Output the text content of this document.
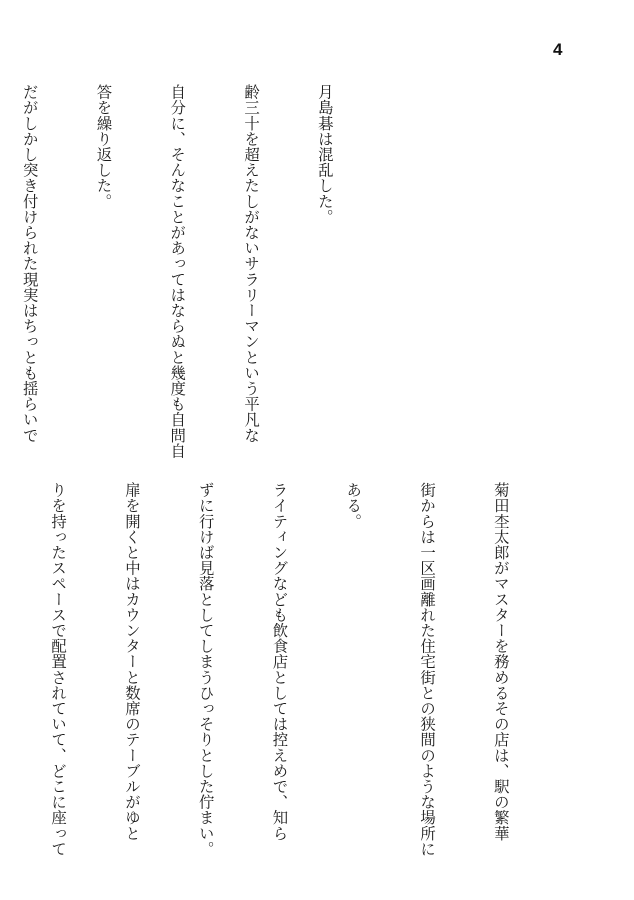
4

月島碁は混乱した。

齢三十を超えたしがないサラリーマンという平凡な

自分に、そんなことがあってはならぬと幾度も自問自

答を繰り返した。

だがしかし突き付けられた現実はちっとも揺らいで

菊田杢太郎がマスターを務めるその店は、駅の繁華

街からは一区画離れた住宅街との狭間のような場所に

ある。

ライティングなども飲食店としては控えめで、知ら

ずに行けば見落としてしまうひっそりとした佇まい。

扉を開くと中はカウンターと数席のテーブルがゆと

りを持ったスペースで配置されていて、どこに座って
